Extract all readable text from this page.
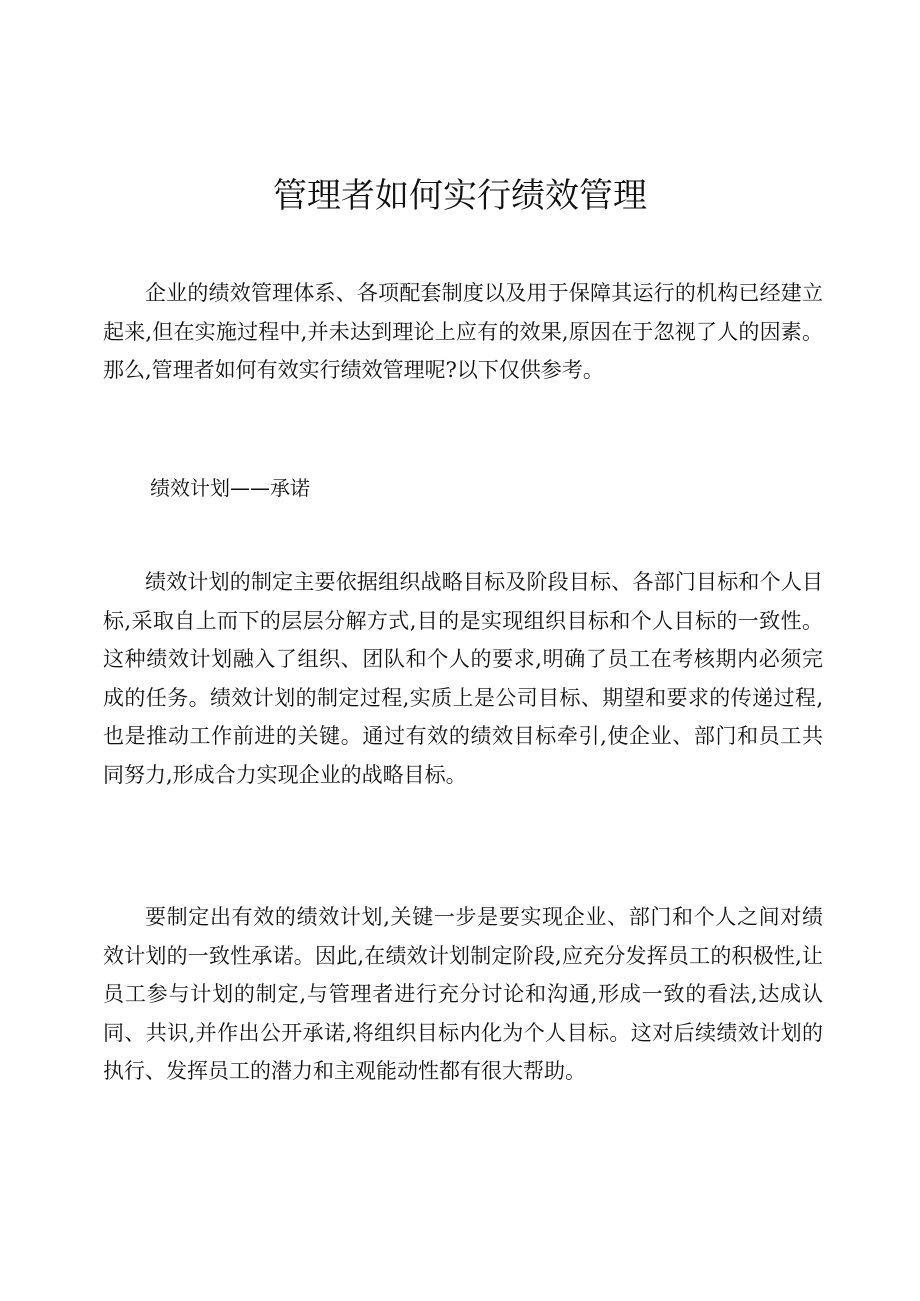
管理者如何实行绩效管理

企业的绩效管理体系、各项配套制度以及用于保障其运行的机构已经建立起来,但在实施过程中,并未达到理论上应有的效果,原因在于忽视了人的因素。那么,管理者如何有效实行绩效管理呢?以下仅供参考。

绩效计划——承诺

绩效计划的制定主要依据组织战略目标及阶段目标、各部门目标和个人目标,采取自上而下的层层分解方式,目的是实现组织目标和个人目标的一致性。这种绩效计划融入了组织、团队和个人的要求,明确了员工在考核期内必须完成的任务。绩效计划的制定过程,实质上是公司目标、期望和要求的传递过程,也是推动工作前进的关键。通过有效的绩效目标牵引,使企业、部门和员工共同努力,形成合力实现企业的战略目标。

要制定出有效的绩效计划,关键一步是要实现企业、部门和个人之间对绩效计划的一致性承诺。因此,在绩效计划制定阶段,应充分发挥员工的积极性,让员工参与计划的制定,与管理者进行充分讨论和沟通,形成一致的看法,达成认同、共识,并作出公开承诺,将组织目标内化为个人目标。这对后续绩效计划的执行、发挥员工的潜力和主观能动性都有很大帮助。
